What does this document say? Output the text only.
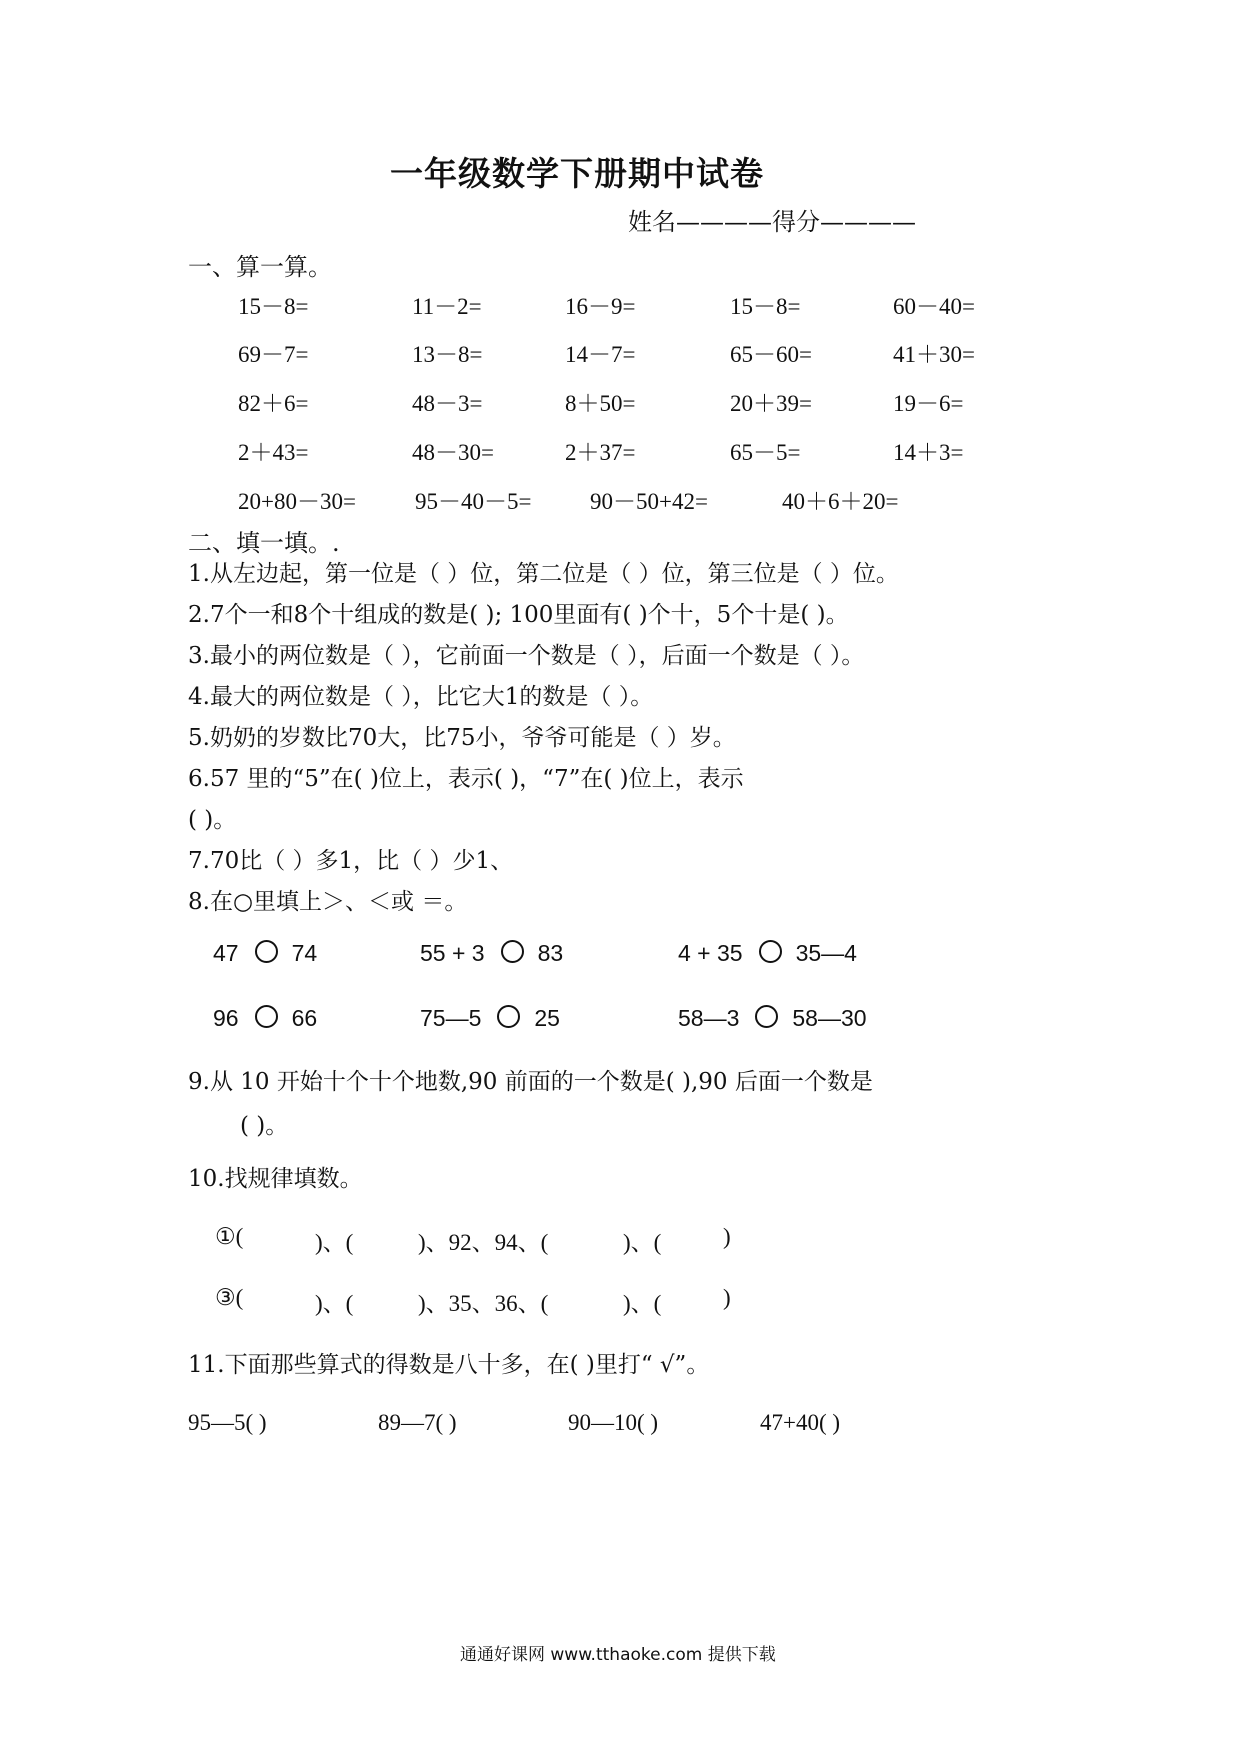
一年级数学下册期中试卷
姓名————得分————
一、算一算。
15－8=	11－2=	16－9=	15－8=	60－40=
69－7=	13－8=	14－7=	65－60=	41＋30=
82＋6=	48－3=	8＋50=	20＋39=	19－6=
2＋43=	48－30=	2＋37=	65－5=	14＋3=
20+80－30=	95－40－5=	90－50+42=	40＋6＋20=
二、填一填。.
1.从左边起，第一位是（ ）位，第二位是（ ）位，第三位是（ ）位。
2.7个一和8个十组成的数是( ); 100里面有( )个十，5个十是( )。
3.最小的两位数是（ ），它前面一个数是（ ），后面一个数是（ ）。
4.最大的两位数是（ ），比它大1的数是（ ）。
5.奶奶的岁数比70大，比75小，爷爷可能是（ ）岁。
6.57 里的“5”在( )位上，表示( )，“7”在( )位上，表示
( )。
7.70比（ ）多1，比（ ）少1、
8.在○里填上＞、＜或 ＝。
47 74	55 + 3 83	4 + 35 35—4
96 66	75—5 25	58—3 58—30
9.从 10 开始十个十个地数,90 前面的一个数是( ),90 后面一个数是
( )。
10.找规律填数。
①(	)、(	)、92、94、(	)、(	)
③(	)、(	)、35、36、(	)、(	)
11.下面那些算式的得数是八十多，在( )里打“ √”。
95—5( )	89—7( )	90—10( )	47+40( )
通通好课网 www.tthaoke.com 提供下载
